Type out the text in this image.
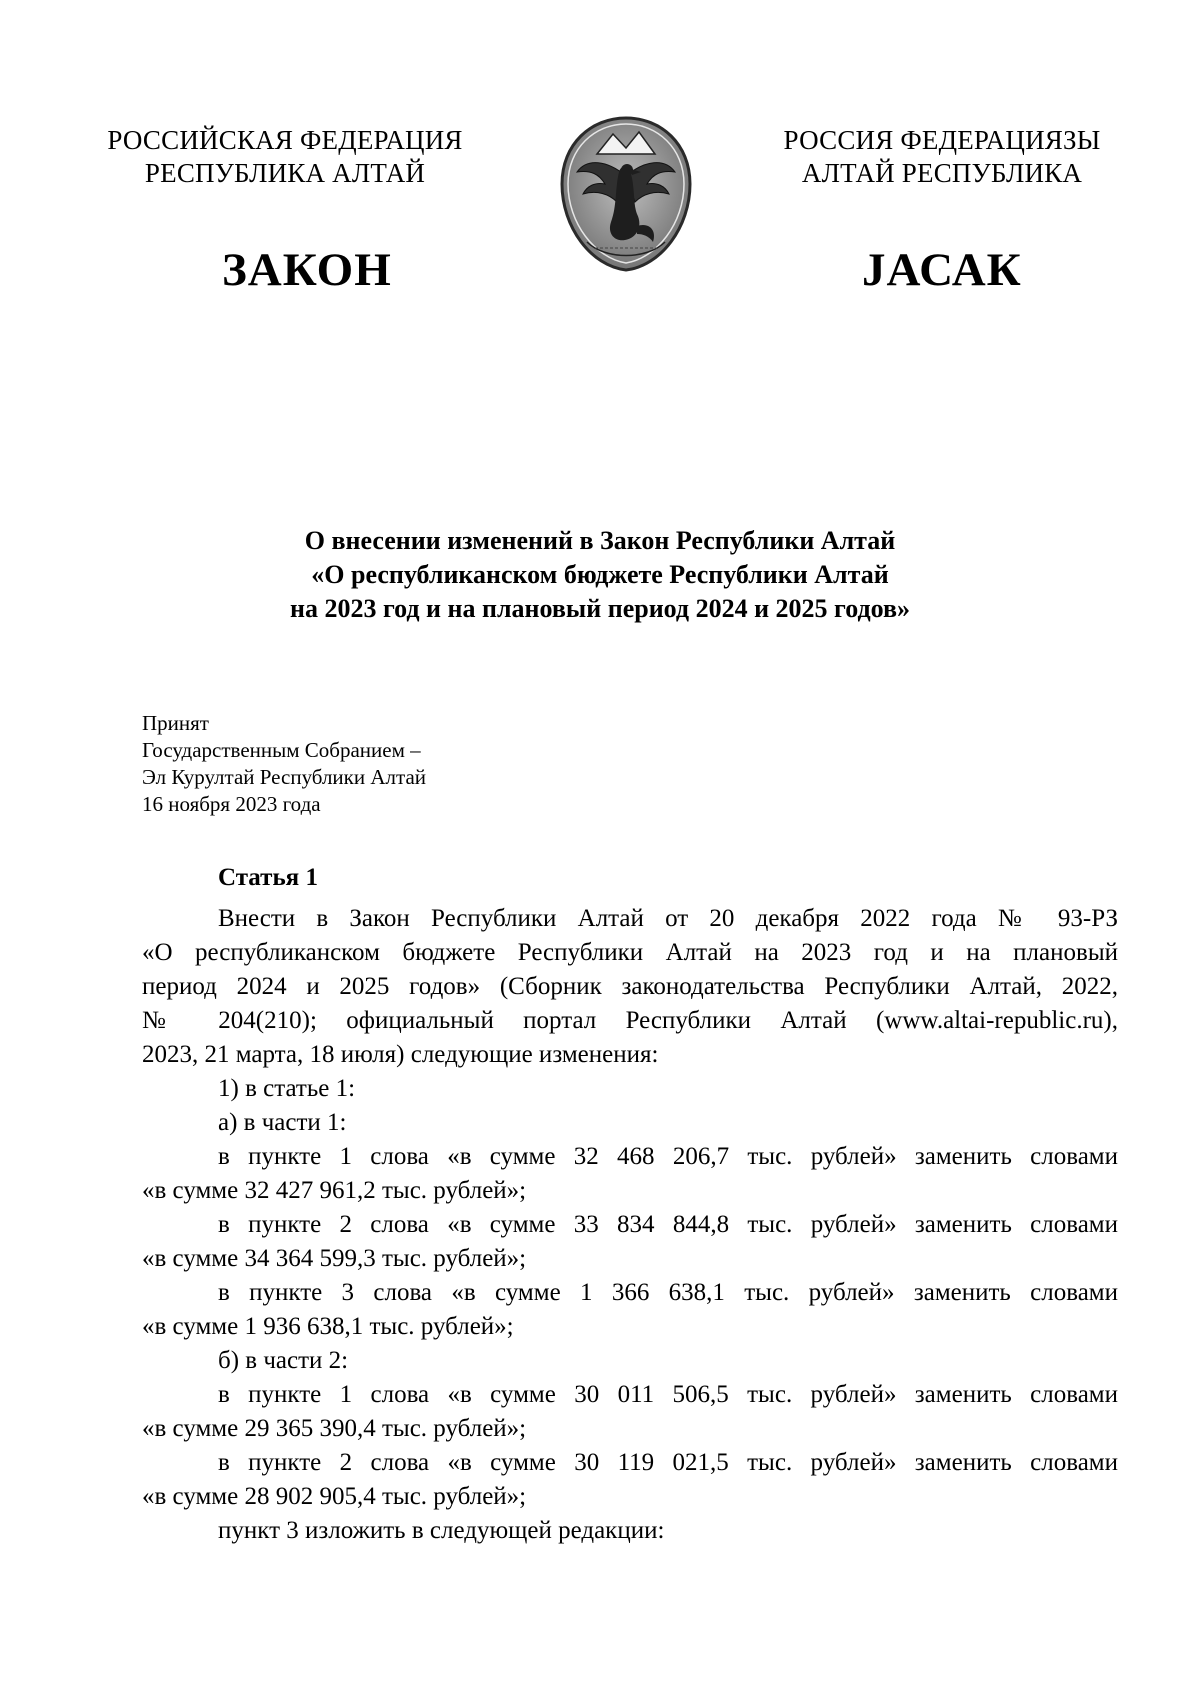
РОССИЙСКАЯ ФЕДЕРАЦИЯ
РЕСПУБЛИКА АЛТАЙ
РОССИЯ ФЕДЕРАЦИЯЗЫ
АЛТАЙ РЕСПУБЛИКА
ЗАКОН	JАСАК
О внесении изменений в Закон Республики Алтай
«О республиканском бюджете Республики Алтай
на 2023 год и на плановый период 2024 и 2025 годов»
Принят
Государственным Собранием –
Эл Курултай Республики Алтай
16 ноября 2023 года
Статья 1
Внести в Закон Республики Алтай от 20 декабря 2022 года № 93-РЗ
«О республиканском бюджете Республики Алтай на 2023 год и на плановый
период 2024 и 2025 годов» (Сборник законодательства Республики Алтай, 2022,
№ 204(210); официальный портал Республики Алтай (www.altai-republic.ru),
2023, 21 марта, 18 июля) следующие изменения:
1) в статье 1:
а) в части 1:
в пункте 1 слова «в сумме 32 468 206,7 тыс. рублей» заменить словами
«в сумме 32 427 961,2 тыс. рублей»;
в пункте 2 слова «в сумме 33 834 844,8 тыс. рублей» заменить словами
«в сумме 34 364 599,3 тыс. рублей»;
в пункте 3 слова «в сумме 1 366 638,1 тыс. рублей» заменить словами
«в сумме 1 936 638,1 тыс. рублей»;
б) в части 2:
в пункте 1 слова «в сумме 30 011 506,5 тыс. рублей» заменить словами
«в сумме 29 365 390,4 тыс. рублей»;
в пункте 2 слова «в сумме 30 119 021,5 тыс. рублей» заменить словами
«в сумме 28 902 905,4 тыс. рублей»;
пункт 3 изложить в следующей редакции:
